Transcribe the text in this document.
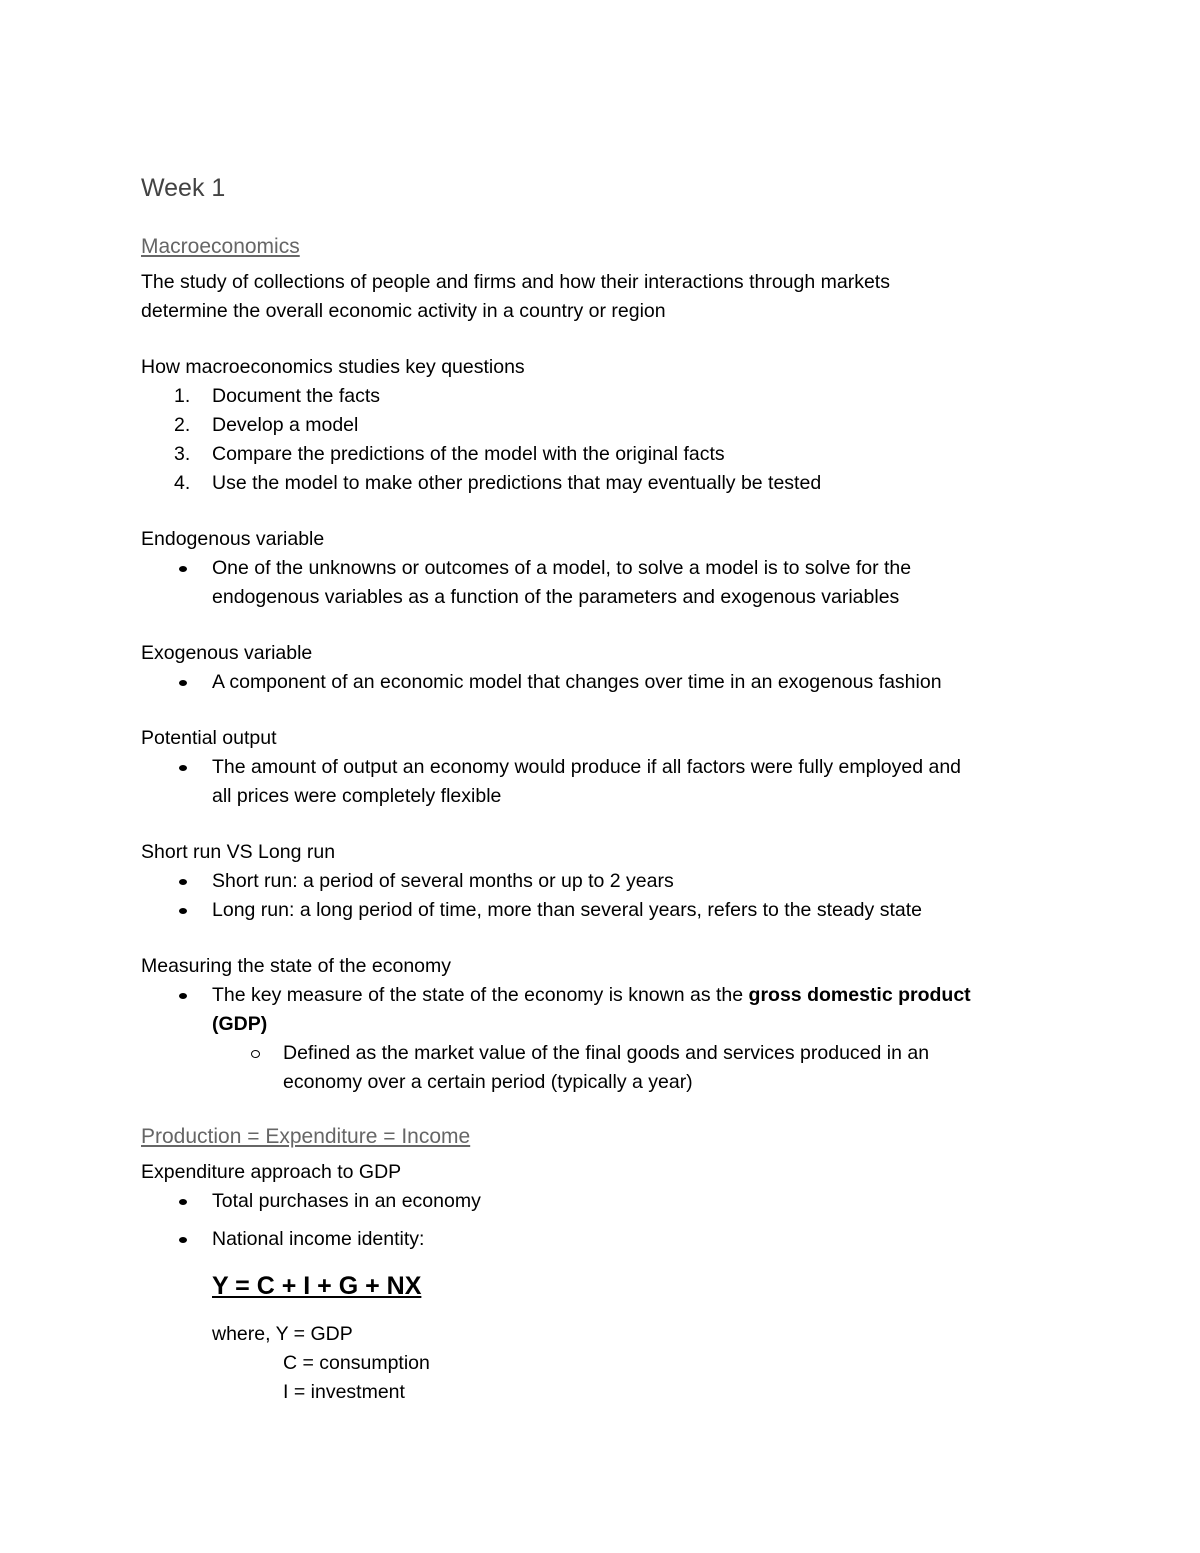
Week 1
Macroeconomics

The study of collections of people and firms and how their interactions through markets

determine the overall economic activity in a country or region

How macroeconomics studies key questions

1. Document the facts
2. Develop a model
3. Compare the predictions of the model with the original facts
4. Use the model to make other predictions that may eventually be tested

Endogenous variable

One of the unknowns or outcomes of a model, to solve a model is to solve for the
endogenous variables as a function of the parameters and exogenous variables

Exogenous variable

A component of an economic model that changes over time in an exogenous fashion

Potential output

The amount of output an economy would produce if all factors were fully employed and
all prices were completely flexible

Short run VS Long run

Short run: a period of several months or up to 2 years
Long run: a long period of time, more than several years, refers to the steady state

Measuring the state of the economy

The key measure of the state of the economy is known as the gross domestic product
(GDP)
Defined as the market value of the final goods and services produced in an
economy over a certain period (typically a year)
Production = Expenditure = Income

Expenditure approach to GDP

Total purchases in an economy
National income identity:
Y = C + I + G + NX
where, Y = GDP
C = consumption
I = investment
